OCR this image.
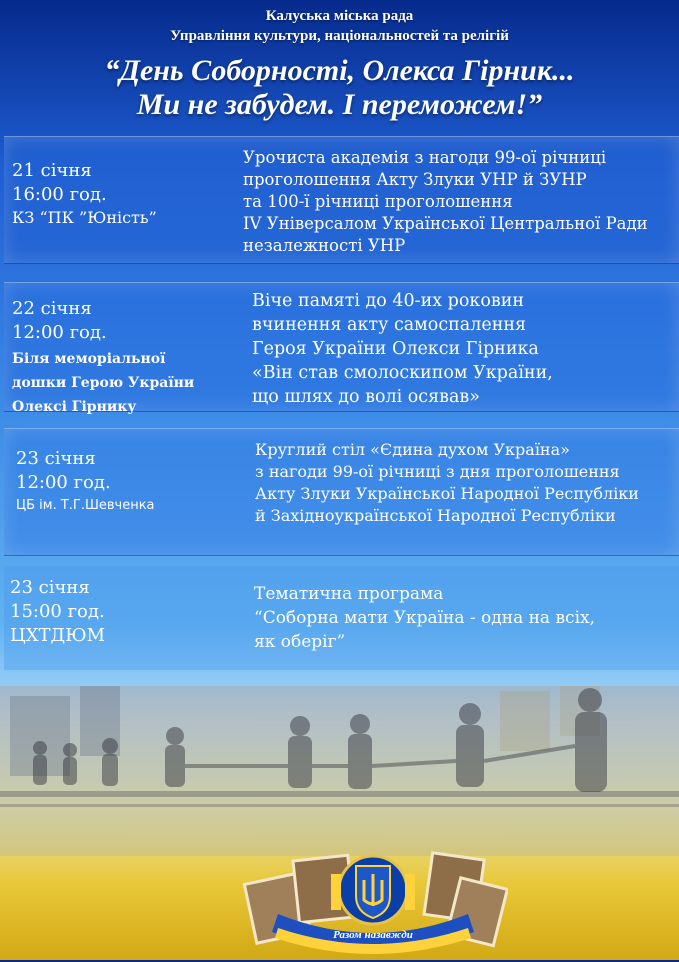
Калуська міська рада
Управління культури, національностей та релігій
“День Соборності, Олекса Гірник...
Ми не забудем. І переможем!”
21 січня
16:00 год.
КЗ “ПК ”Юність”
Урочиста академія з нагоди 99-ої річниці
проголошення Акту Злуки УНР й ЗУНР
та 100-ї річниці проголошення
IV Універсалом Української Центральної Ради
незалежності УНР
22 січня
12:00 год.
Біля меморіальної
дошки Герою України
Олексі Гірнику
Віче памяті до 40-их роковин
вчинення акту самоспалення
Героя України Олекси Гірника
«Він став смолоскипом України,
що шлях до волі осявав»
23 січня
12:00 год.
ЦБ ім. Т.Г.Шевченка
Круглий стіл «Єдина духом Україна»
з нагоди 99-ої річниці з дня проголошення
Акту Злуки Української Народної Республіки
й Західноукраїнської Народної Республіки
23 січня
15:00 год.
ЦХТДЮМ
Тематична програма
“Соборна мати Україна - одна на всіх,
як оберіг”
Разом назавжди
